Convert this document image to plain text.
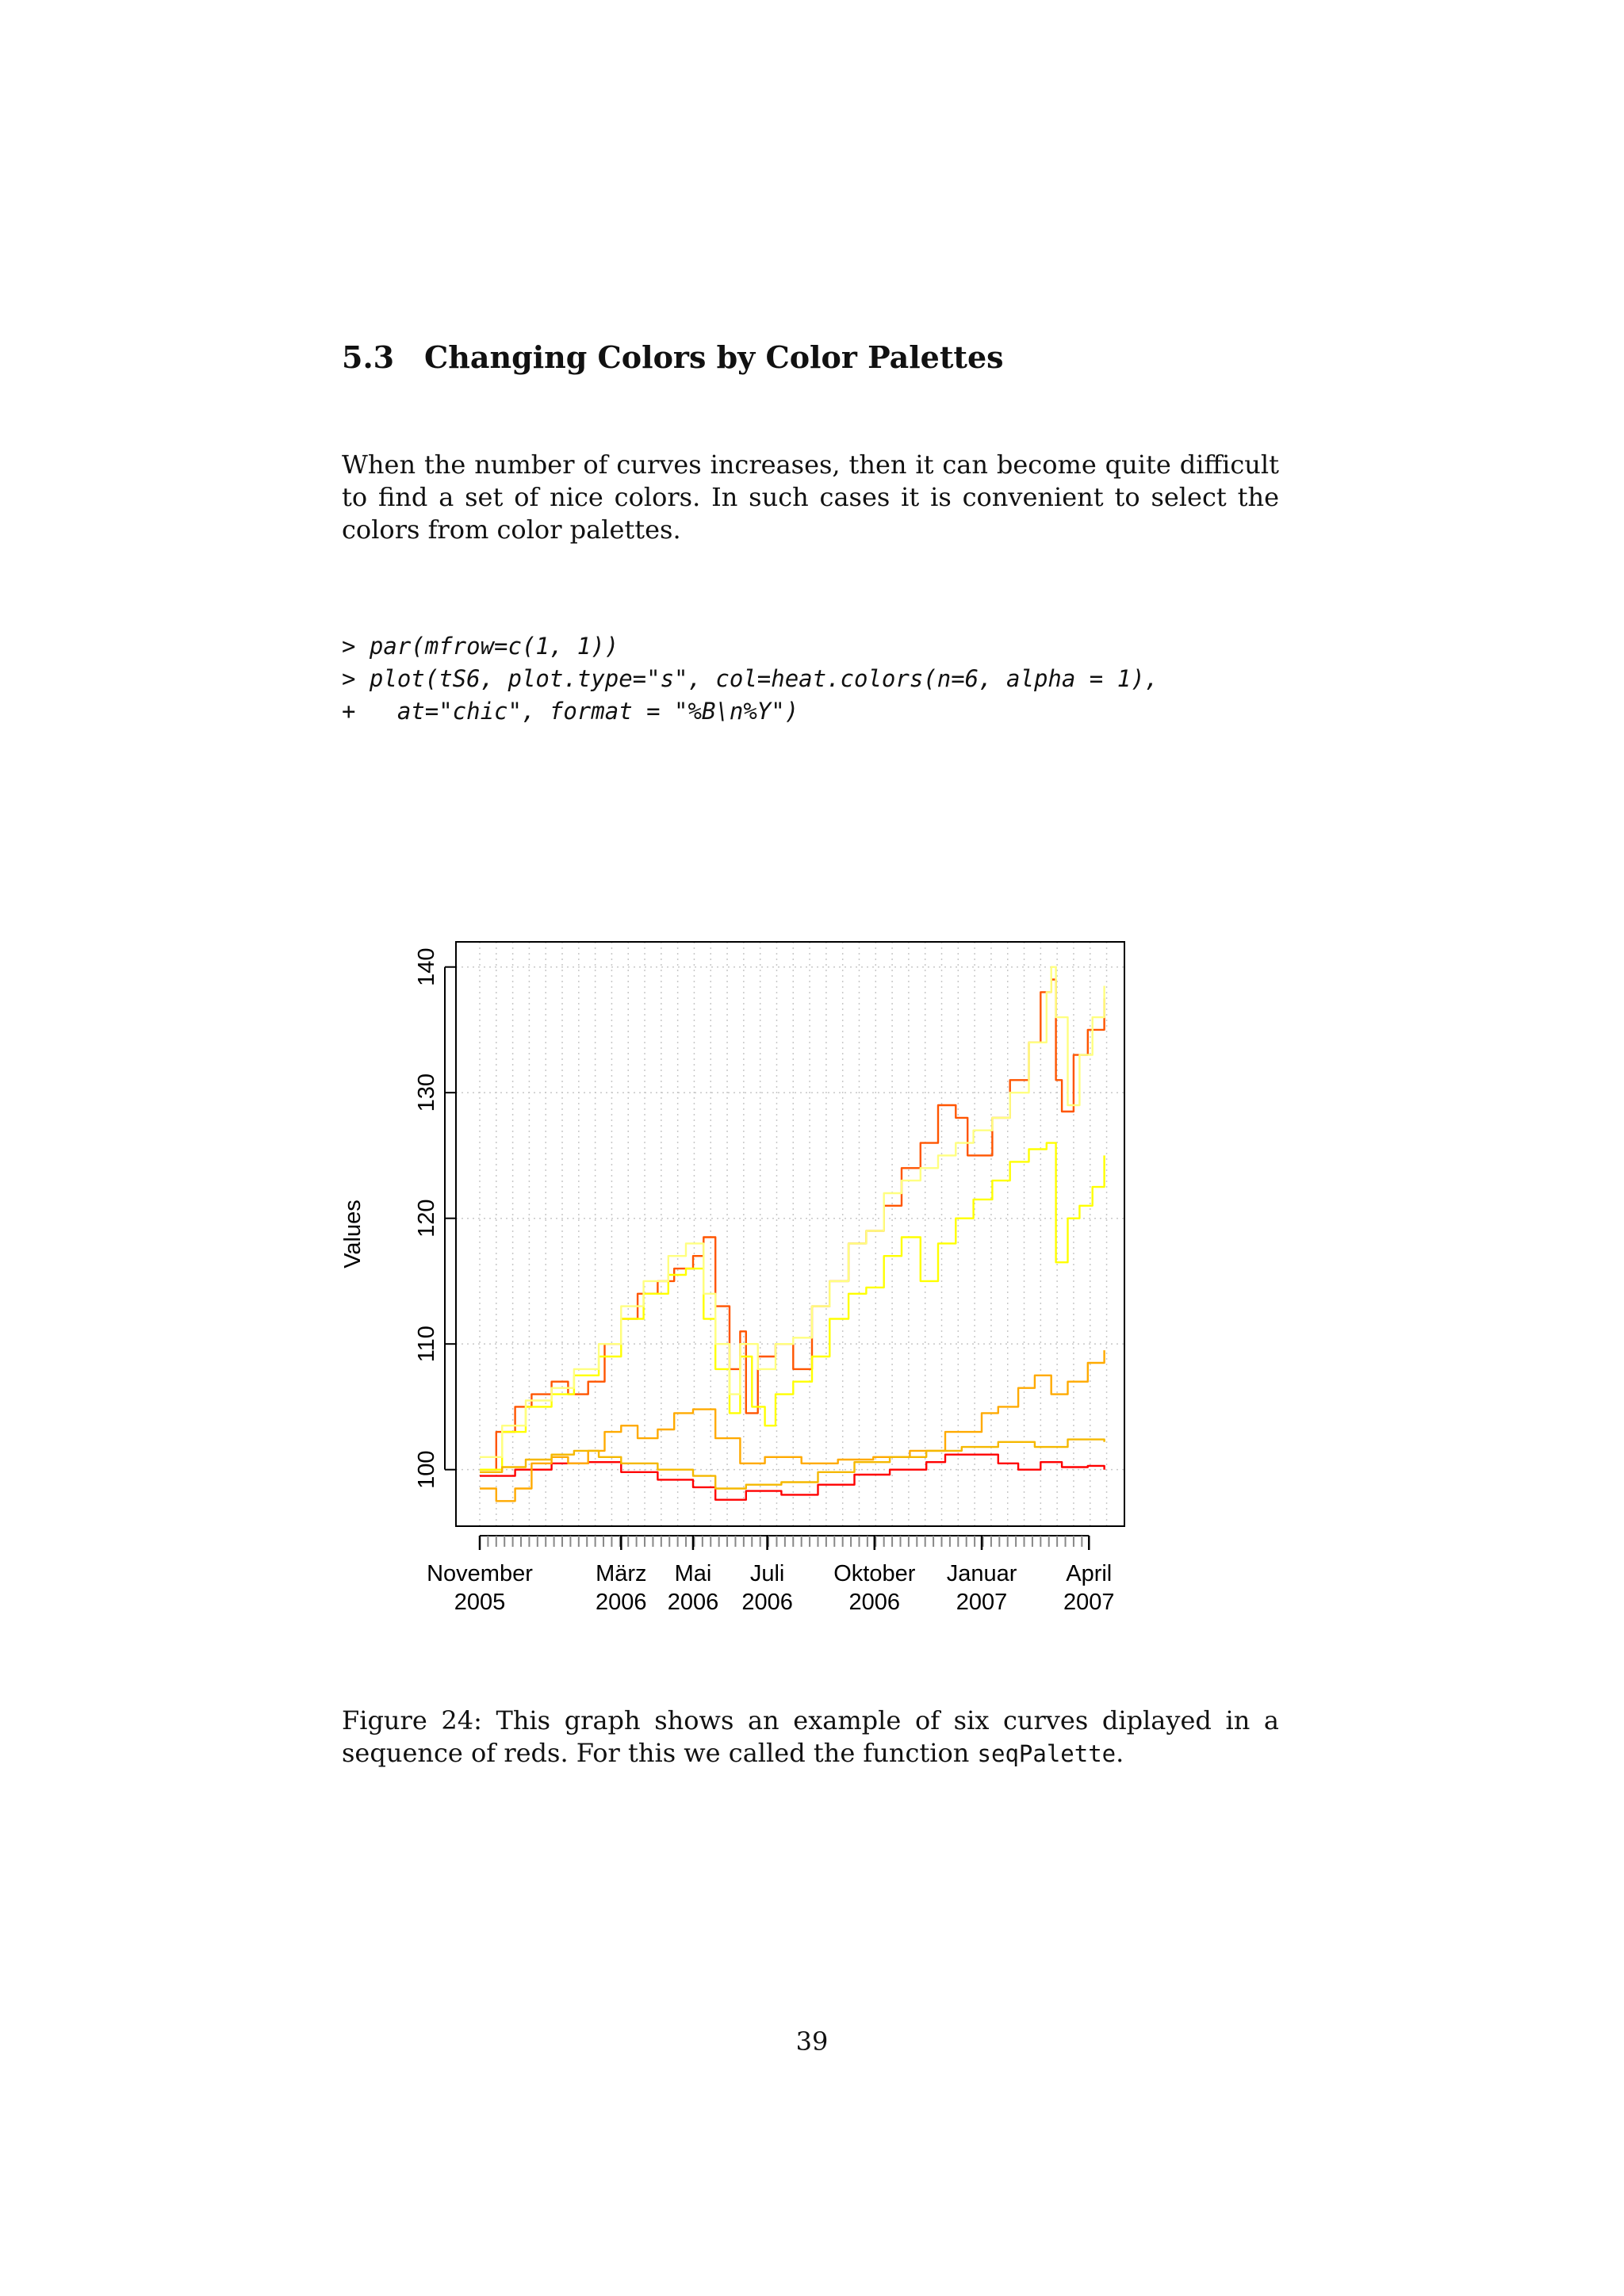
5.3 Changing Colors by Color Palettes

When the number of curves increases, then it can become quite difficult to find a set of nice colors. In such cases it is convenient to select the colors from color palettes.

> par(mfrow=c(1, 1))
> plot(tS6, plot.type="s", col=heat.colors(n=6, alpha = 1),
+   at="chic", format = "%B\n%Y")
100
110
120
130
140
Values
November
2005
März
2006
Mai
2006
Juli
2006
Oktober
2006
Januar
2007
April
2007

Figure 24: This graph shows an example of six curves diplayed in a sequence of reds. For this we called the function seqPalette.

39
